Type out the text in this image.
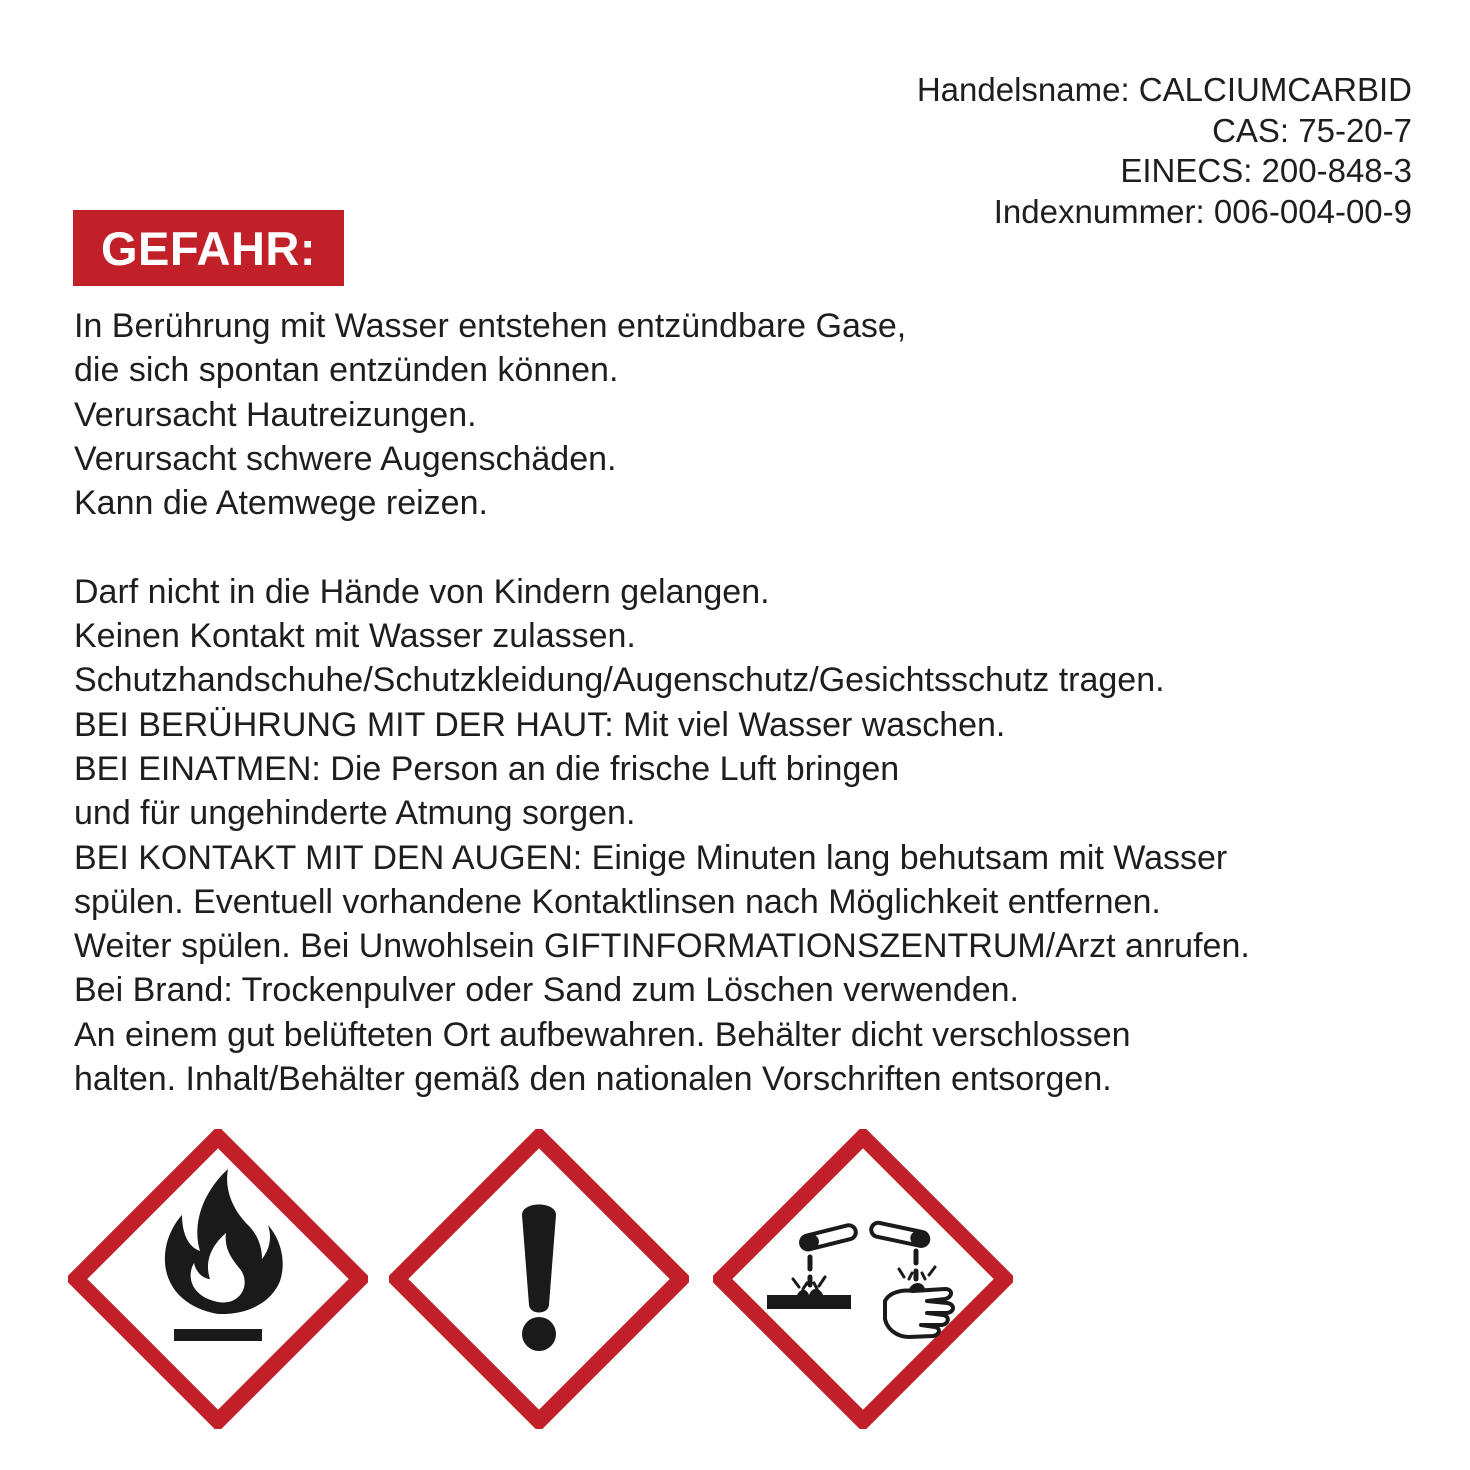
Handelsname: CALCIUMCARBID
CAS: 75-20-7
EINECS: 200-848-3
Indexnummer: 006-004-00-9
GEFAHR:
In Berührung mit Wasser entstehen entzündbare Gase,
die sich spontan entzünden können.
Verursacht Hautreizungen.
Verursacht schwere Augenschäden.
Kann die Atemwege reizen.
Darf nicht in die Hände von Kindern gelangen.
Keinen Kontakt mit Wasser zulassen.
Schutzhandschuhe/Schutzkleidung/Augenschutz/Gesichtsschutz tragen.
BEI BERÜHRUNG MIT DER HAUT: Mit viel Wasser waschen.
BEI EINATMEN: Die Person an die frische Luft bringen
und für ungehinderte Atmung sorgen.
BEI KONTAKT MIT DEN AUGEN: Einige Minuten lang behutsam mit Wasser
spülen. Eventuell vorhandene Kontaktlinsen nach Möglichkeit entfernen.
Weiter spülen. Bei Unwohlsein GIFTINFORMATIONSZENTRUM/Arzt anrufen.
Bei Brand: Trockenpulver oder Sand zum Löschen verwenden.
An einem gut belüfteten Ort aufbewahren. Behälter dicht verschlossen
halten. Inhalt/Behälter gemäß den nationalen Vorschriften entsorgen.
